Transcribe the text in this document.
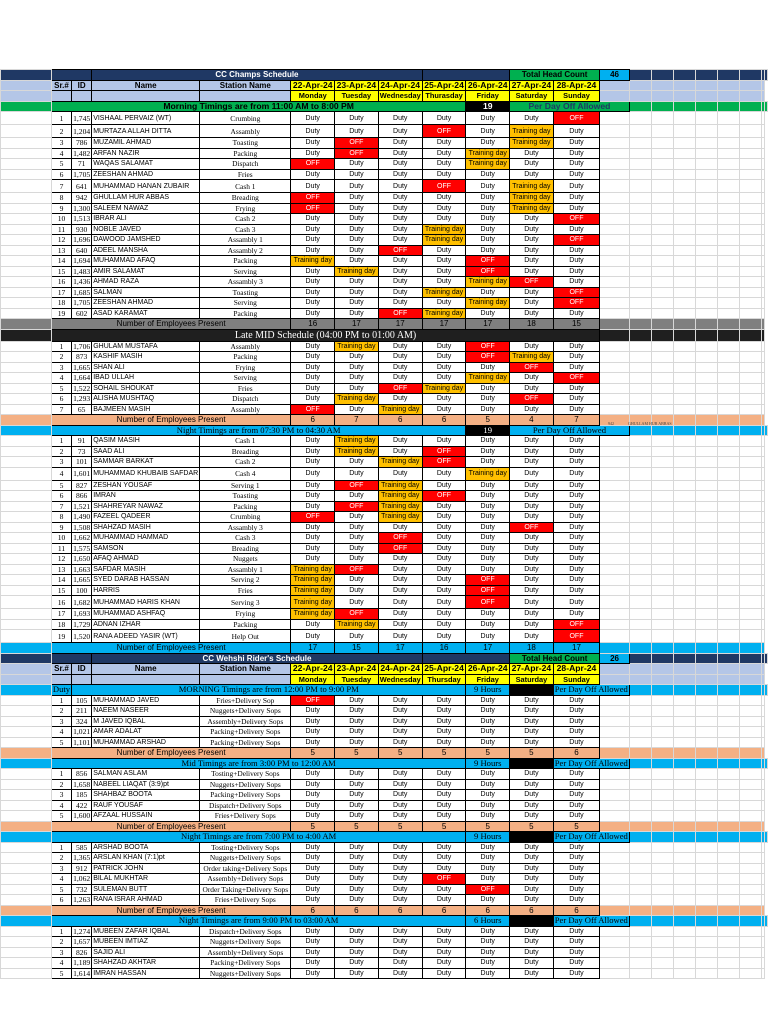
			CC Champs Schedule							Total Head Count		46								
	Sr.#	ID	Name	Station Name	22-Apr-24	23-Apr-24	24-Apr-24	25-Apr-24	26-Apr-24	27-Apr-24	28-Apr-24									
					Monday	Tuesday	Wednesday	Thurasday	Friday	Saturday	Sunday									
	Morning Timings are from 11:00 AM to 8:00 PM								19	Per Day Off Allowed										
	1	1,745	VISHAAL PERVAIZ (WT)	Crumbing	Duty	Duty	Duty	Duty	Duty	Duty	OFF									
	2	1,204	MURTAZA ALLAH DITTA	Assambly	Duty	Duty	Duty	OFF	Duty	Training day	Duty									
	3	786	MUZAMIL AHMAD	Toasting	Duty	OFF	Duty	Duty	Duty	Training day	Duty									
	4	1,482	ARFAN NAZIR	Packing	Duty	OFF	Duty	Duty	Training day	Duty	Duty									
	5	71	WAQAS SALAMAT	Dispatch	OFF	Duty	Duty	Duty	Training day	Duty	Duty									
	6	1,705	ZEESHAN AHMAD	Fries	Duty	Duty	Duty	Duty	Duty	Duty	Duty									
	7	641	MUHAMMAD HANAN ZUBAIR	Cash 1	Duty	Duty	Duty	OFF	Duty	Training day	Duty									
	8	942	GHULLAM HUR ABBAS	Breading	OFF	Duty	Duty	Duty	Duty	Training day	Duty									
	9	1,300	SALEEM NAWAZ	Frying	OFF	Duty	Duty	Duty	Duty	Training day	Duty									
	10	1,513	IBRAR ALI	Cash 2	Duty	Duty	Duty	Duty	Duty	Duty	OFF									
	11	930	NOBLE JAVED	Cash 3	Duty	Duty	Duty	Training day	Duty	Duty	Duty									
	12	1,696	DAWOOD JAMSHED	Assambly 1	Duty	Duty	Duty	Training day	Duty	Duty	OFF									
	13	640	ADEEL MANSHA	Assambly 2	Duty	Duty	OFF	Duty	Duty	Duty	Duty									
	14	1,694	MUHAMMAD AFAQ	Packing	Training day	Duty	Duty	Duty	OFF	Duty	Duty									
	15	1,483	AMIR SALAMAT	Serving	Duty	Training day	Duty	Duty	OFF	Duty	Duty									
	16	1,436	AHMAD RAZA	Assambly 3	Duty	Duty	Duty	Duty	Training day	OFF	Duty									
	17	1,685	SALMAN	Toasting	Duty	Duty	Duty	Training day	Duty	Duty	OFF									
	18	1,705	ZEESHAN AHMAD	Serving	Duty	Duty	Duty	Duty	Training day	Duty	OFF									
	19	602	ASAD KARAMAT	Packing	Duty	Duty	OFF	Training day	Duty	Duty	Duty									
	Number of Employees Present				16	17	17	17	17	18	15									
	Late MID Schedule (04:00 PM to 01:00 AM)																			
	1	1,706	GHULAM MUSTAFA	Assambly	Duty	Training day	Duty	Duty	OFF	Duty	Duty									
	2	873	KASHIF MASIH	Packing	Duty	Duty	Duty	Duty	OFF	Training day	Duty									
	3	1,665	SHAN ALI	Frying	Duty	Duty	Duty	Duty	Duty	OFF	Duty									
	4	1,664	IBAD ULLAH	Serving	Duty	Duty	Duty	Duty	Training day	Duty	OFF									
	5	1,522	SOHAIL SHOUKAT	Fries	Duty	Duty	OFF	Training day	Duty	Duty	Duty									
	6	1,293	ALISHA MUSHTAQ	Dispatch	Duty	Training day	Duty	Duty	Duty	OFF	Duty									
	7	65	BAJMEEN MASIH	Assambly	OFF	Duty	Training day	Duty	Duty	Duty	Duty									
	Number of Employees Present				6	7	6	6	5	4	7									
	Night Timings are from 07:30 PM to 04:30 AM								19	Per Day Off Allowed										
	1	91	QASIM MASIH	Cash 1	Duty	Training day	Duty	Duty	Duty	Duty	Duty									
	2	73	SAAD ALI	Breading	Duty	Training day	Duty	OFF	Duty	Duty	Duty									
	3	101	SAMMAR BARKAT	Cash 2	Duty	Duty	Training day	OFF	Duty	Duty	Duty									
	4	1,601	MUHAMMAD KHUBAIB SAFDAR	Cash 4	Duty	Duty	Duty	Duty	Training day	Duty	Duty									
	5	827	ZESHAN YOUSAF	Serving 1	Duty	OFF	Training day	Duty	Duty	Duty	Duty									
	6	866	IMRAN	Toasting	Duty	Duty	Training day	OFF	Duty	Duty	Duty									
	7	1,521	SHAHREYAR NAWAZ	Packing	Duty	OFF	Training day	Duty	Duty	Duty	Duty									
	8	1,490	FAZEEL QADEER	Crumbing	OFF	Duty	Training day	Duty	Duty	Duty	Duty									
	9	1,508	SHAHZAD MASIH	Assambly 3	Duty	Duty	Duty	Duty	Duty	OFF	Duty									
	10	1,662	MUHAMMAD HAMMAD	Cash 3	Duty	Duty	OFF	Duty	Duty	Duty	Duty									
	11	1,575	SAMSON	Breading	Duty	Duty	OFF	Duty	Duty	Duty	Duty									
	12	1,650	AFAQ AHMAD	Nuggets	Duty	Duty	Duty	Duty	Duty	Duty	Duty									
	13	1,663	SAFDAR MASIH	Assambly 1	Training day	OFF	Duty	Duty	Duty	Duty	Duty									
	14	1,665	SYED DARAB HASSAN	Serving 2	Training day	Duty	Duty	Duty	OFF	Duty	Duty									
	15	100	HARRIS	Fries	Training day	Duty	Duty	Duty	OFF	Duty	Duty									
	16	1,682	MUHAMMAD HARIS KHAN	Serving 3	Training day	Duty	Duty	Duty	OFF	Duty	Duty									
	17	1,693	MUHAMMAD ASHFAQ	Frying	Training day	OFF	Duty	Duty	Duty	Duty	Duty									
	18	1,729	ADNAN IZHAR	Packing	Duty	Training day	Duty	Duty	Duty	Duty	OFF									
	19	1,520	RANA ADEED YASIR (WT)	Help Out	Duty	Duty	Duty	Duty	Duty	Duty	OFF									
	Number of Employees Present				17	15	17	16	17	18	17									
			CC Wehshi Rider's Schedule							Total Head Count		26								
	Sr.#	ID	Name	Station Name	22-Apr-24	23-Apr-24	24-Apr-24	25-Apr-24	26-Apr-24	27-Apr-24	28-Apr-24									
					Monday	Tuesday	Wednesday	Thursday	Friday	Saturday	Sunday									
	Duty	MORNING Timings are from 12:00 PM to 9:00 PM							9 Hours		Per Day Off Allowed									
	1	105	MUHAMMAD JAVED	Fries+Delivery Sop	OFF	Duty	Duty	Duty	Duty	Duty	Duty									
	2	211	NAEEM NASEER	Nuggets+Delivery Sops	Duty	Duty	Duty	Duty	Duty	Duty	Duty									
	3	324	M JAVED IQBAL	Assembly+Delivery Sops	Duty	Duty	Duty	Duty	Duty	Duty	Duty									
	4	1,021	AMAR ADALAT	Packing+Delivery Sops	Duty	Duty	Duty	Duty	Duty	Duty	Duty									
	5	1,101	MUHAMMAD ARSHAD	Packing+Delivery Sops	Duty	Duty	Duty	Duty	Duty	Duty	Duty									
	Number of Employees Present				5	5	5	5	5	5	6									
	Mid Timings are from 3:00 PM to 12:00 AM								9 Hours		Per Day Off Allowed									
	1	856	SALMAN ASLAM	Tosting+Delivery Sops	Duty	Duty	Duty	Duty	Duty	Duty	Duty									
	2	1,658	NABEEL LIAQAT (3:9)pt	Nuggets+Delivery Sops	Duty	Duty	Duty	Duty	Duty	Duty	Duty									
	3	185	SHAHBAZ BOOTA	Packing+Delivery Sops	Duty	Duty	Duty	Duty	Duty	Duty	Duty									
	4	422	RAUF YOUSAF	Dispatch+Delivery Sops	Duty	Duty	Duty	Duty	Duty	Duty	Duty									
	5	1,600	AFZAAL HUSSAIN	Fries+Delivery Sops	Duty	Duty	Duty	Duty	Duty	Duty	Duty									
	Number of Employees Present				5	5	5	5	5	5	5									
	Night Timings are from 7:00 PM to 4:00 AM								9 Hours		Per Day Off Allowed									
	1	585	ARSHAD BOOTA	Tosting+Delivery Sops	Duty	Duty	Duty	Duty	Duty	Duty	Duty									
	2	1,365	ARSLAN KHAN (7:1)pt	Nuggets+Delivery Sops	Duty	Duty	Duty	Duty	Duty	Duty	Duty									
	3	912	PATRICK JOHN	Order taking+Delivery Sops	Duty	Duty	Duty	Duty	Duty	Duty	Duty									
	4	1,062	BILAL MUKHTAR	Assembly+Delivery Sops	Duty	Duty	Duty	OFF	Duty	Duty	Duty									
	5	732	SULEMAN BUTT	Order Taking+Delivery Sops	Duty	Duty	Duty	Duty	OFF	Duty	Duty									
	6	1,263	RANA ISRAR AHMAD	Fries+Delivery Sops	Duty	Duty	Duty	Duty	Duty	Duty	Duty									
	Number of Employees Present				6	6	6	6	6	6	6									
	Night Timings are from 9:00 PM to 03:00 AM								6 Hours		Per Day Off Allowed									
	1	1,274	MUBEEN ZAFAR IQBAL	Dispatch+Delivery Sops	Duty	Duty	Duty	Duty	Duty	Duty	Duty									
	2	1,657	MUBEEN IMTIAZ	Nuggets+Delivery Sops	Duty	Duty	Duty	Duty	Duty	Duty	Duty									
	3	826	SAJID ALI	Assembly+Delivery Sops	Duty	Duty	Duty	Duty	Duty	Duty	Duty									
	4	1,189	SHAHZAD AKHTAR	Packing+Delivery Sops	Duty	Duty	Duty	Duty	Duty	Duty	Duty									
	5	1,614	IMRAN HASSAN	Nuggets+Delivery Sops	Duty	Duty	Duty	Duty	Duty	Duty	Duty									
942	GHULLAM HUR ABBAS
